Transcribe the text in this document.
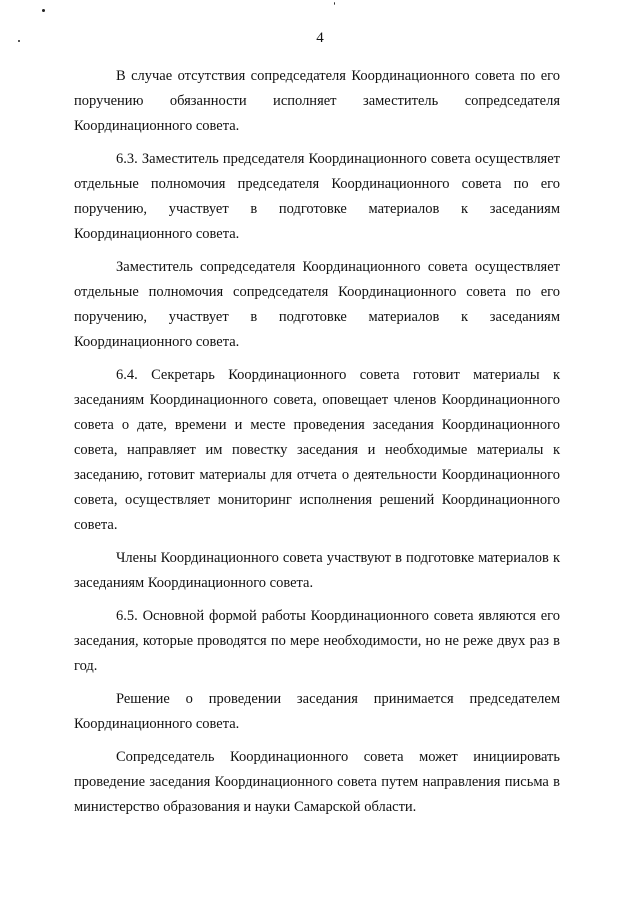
4

В случае отсутствия сопредседателя Координационного совета по его поручению обязанности исполняет заместитель сопредседателя Координационного совета.

6.3. Заместитель председателя Координационного совета осуществляет отдельные полномочия председателя Координационного совета по его поручению, участвует в подготовке материалов к заседаниям Координационного совета.

Заместитель сопредседателя Координационного совета осуществляет отдельные полномочия сопредседателя Координационного совета по его поручению, участвует в подготовке материалов к заседаниям Координационного совета.

6.4. Секретарь Координационного совета готовит материалы к заседаниям Координационного совета, оповещает членов Координационного совета о дате, времени и месте проведения заседания Координационного совета, направляет им повестку заседания и необходимые материалы к заседанию, готовит материалы для отчета о деятельности Координационного совета, осуществляет мониторинг исполнения решений Координационного совета.

Члены Координационного совета участвуют в подготовке материалов к заседаниям Координационного совета.

6.5. Основной формой работы Координационного совета являются его заседания, которые проводятся по мере необходимости, но не реже двух раз в год.

Решение о проведении заседания принимается председателем Координационного совета.

Сопредседатель Координационного совета может инициировать проведение заседания Координационного совета путем направления письма в министерство образования и науки Самарской области.
